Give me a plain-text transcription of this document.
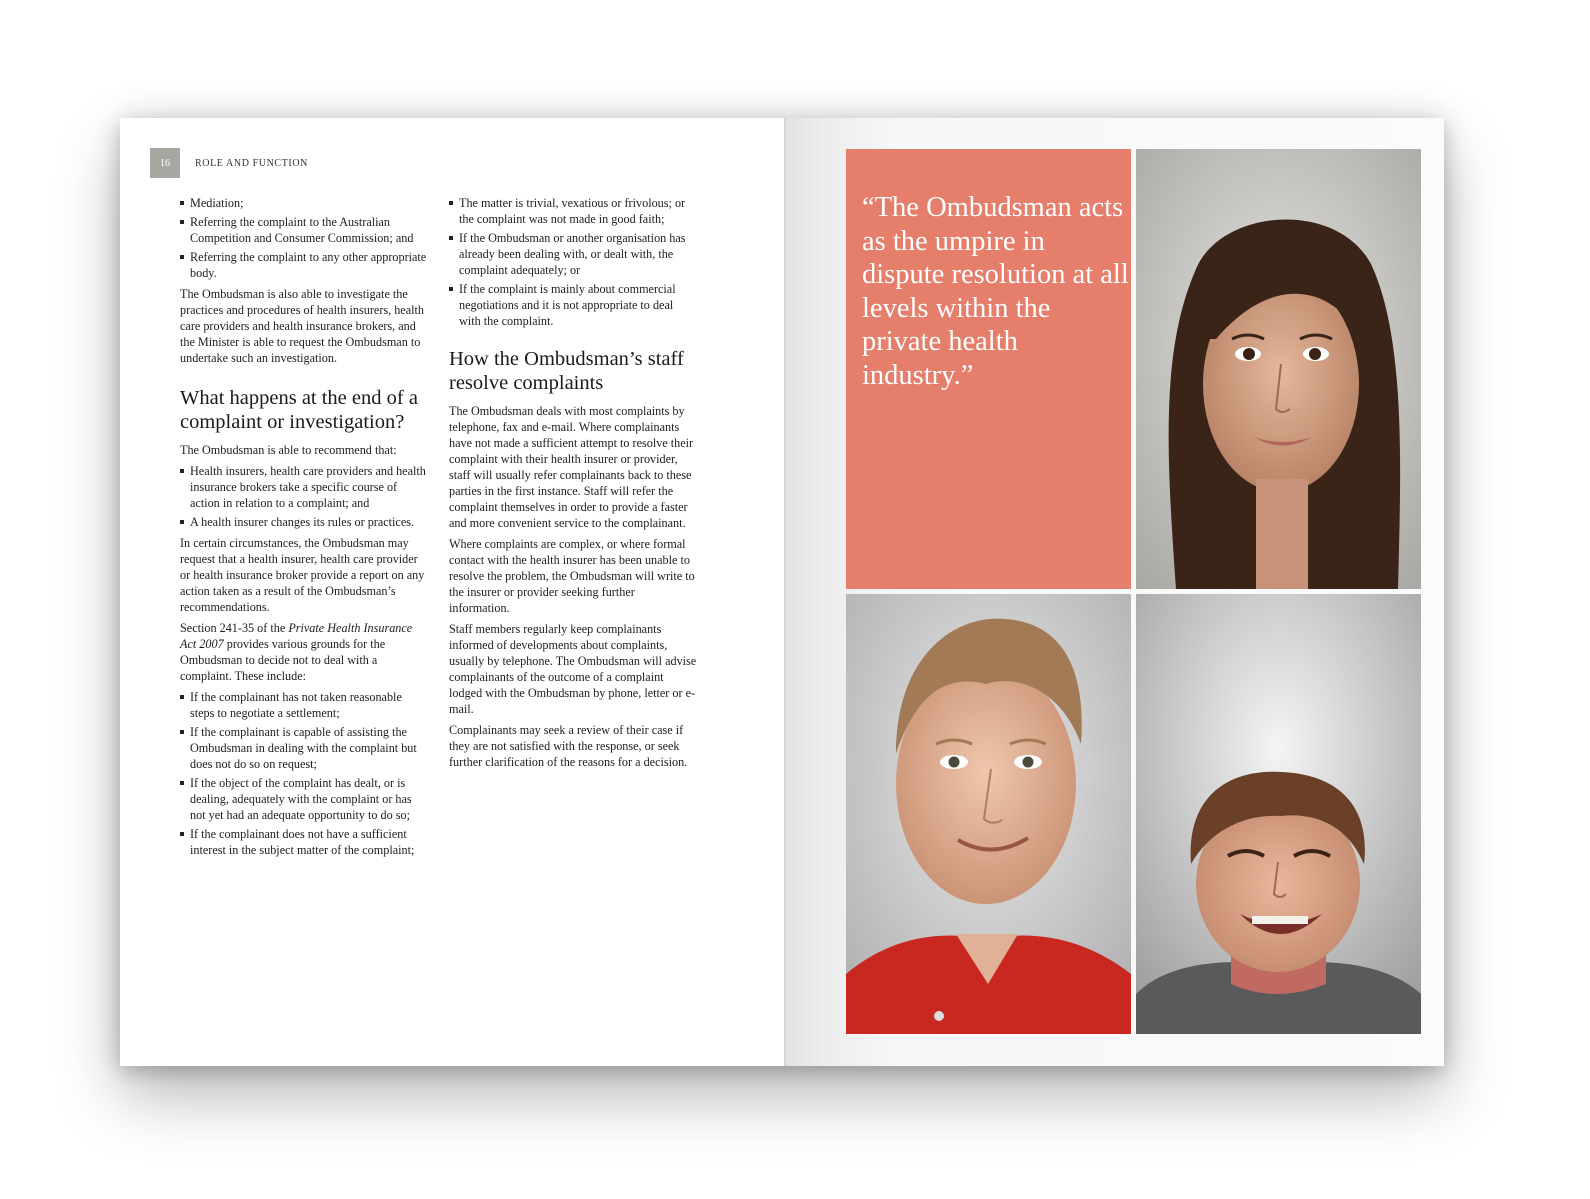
16	ROLE AND FUNCTION
Mediation;
Referring the complaint to the Australian Competition and Consumer Commission; and
Referring the complaint to any other appropriate body.

The Ombudsman is also able to investigate the practices and procedures of health insurers, health care providers and health insurance brokers, and the Minister is able to request the Ombudsman to undertake such an investigation.

What happens at the end of a complaint or investigation?

The Ombudsman is able to recommend that:

Health insurers, health care providers and health insurance brokers take a specific course of action in relation to a complaint; and
A health insurer changes its rules or practices.

In certain circumstances, the Ombudsman may request that a health insurer, health care provider or health insurance broker provide a report on any action taken as a result of the Ombudsman’s recommendations.

Section 241-35 of the Private Health Insurance Act 2007 provides various grounds for the Ombudsman to decide not to deal with a complaint. These include:

If the complainant has not taken reasonable steps to negotiate a settlement;
If the complainant is capable of assisting the Ombudsman in dealing with the complaint but does not do so on request;
If the object of the complaint has dealt, or is dealing, adequately with the complaint or has not yet had an adequate opportunity to do so;
If the complainant does not have a sufficient interest in the subject matter of the complaint;
The matter is trivial, vexatious or frivolous; or the complaint was not made in good faith;
If the Ombudsman or another organisation has already been dealing with, or dealt with, the complaint adequately; or
If the complaint is mainly about commercial negotiations and it is not appropriate to deal with the complaint.
How the Ombudsman’s staff resolve complaints

The Ombudsman deals with most complaints by telephone, fax and e-mail. Where complainants have not made a sufficient attempt to resolve their complaint with their health insurer or provider, staff will usually refer complainants back to these parties in the first instance. Staff will refer the complaint themselves in order to provide a faster and more convenient service to the complainant.

Where complaints are complex, or where formal contact with the health insurer has been unable to resolve the problem, the Ombudsman will write to the insurer or provider seeking further information.

Staff members regularly keep complainants informed of developments about complaints, usually by telephone. The Ombudsman will advise complainants of the outcome of a complaint lodged with the Ombudsman by phone, letter or e-mail.

Complainants may seek a review of their case if they are not satisfied with the response, or seek further clarification of the reasons for a decision.

“The Ombudsman acts as the umpire in dispute resolution at all levels within the private health industry.”
